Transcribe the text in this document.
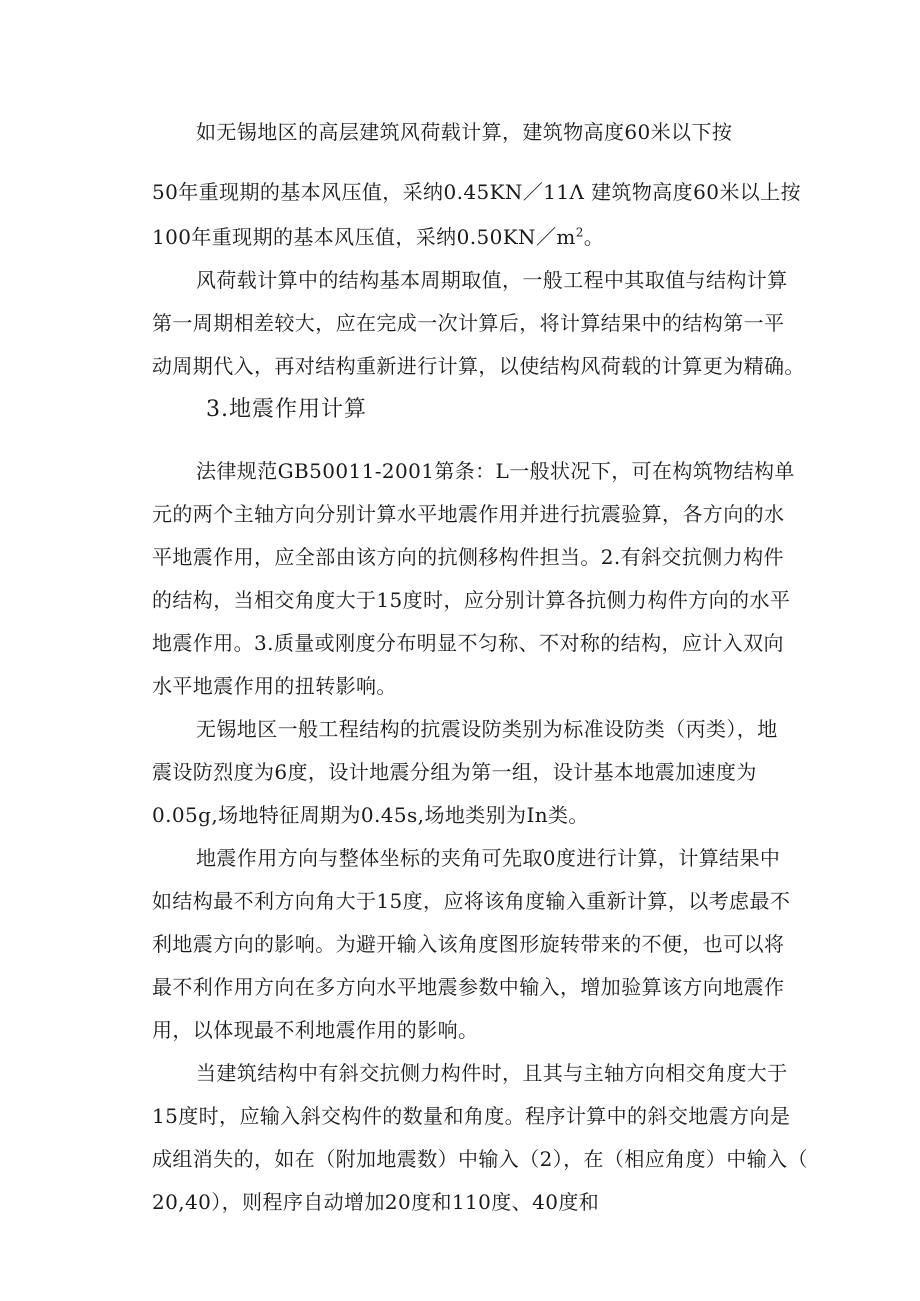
如无锡地区的高层建筑风荷载计算，建筑物高度60米以下按
50年重现期的基本风压值，采纳0.45KN／11Λ 建筑物高度60米以上按
100年重现期的基本风压值，采纳$0.50KN/m^2$。
风荷载计算中的结构基本周期取值，一般工程中其取值与结构计算
第一周期相差较大，应在完成一次计算后，将计算结果中的结构第一平
动周期代入，再对结构重新进行计算，以使结构风荷载的计算更为精确。
3.地震作用计算
法律规范GB50011-2001第条：L一般状况下，可在构筑物结构单
元的两个主轴方向分别计算水平地震作用并进行抗震验算，各方向的水
平地震作用，应全部由该方向的抗侧移构件担当。2.有斜交抗侧力构件
的结构，当相交角度大于15度时，应分别计算各抗侧力构件方向的水平
地震作用。3.质量或刚度分布明显不匀称、不对称的结构，应计入双向
水平地震作用的扭转影响。
无锡地区一般工程结构的抗震设防类别为标准设防类（丙类），地
震设防烈度为6度，设计地震分组为第一组，设计基本地震加速度为
0.05g,场地特征周期为0.45s,场地类别为In类。
地震作用方向与整体坐标的夹角可先取0度进行计算，计算结果中
如结构最不利方向角大于15度，应将该角度输入重新计算，以考虑最不
利地震方向的影响。为避开输入该角度图形旋转带来的不便，也可以将
最不利作用方向在多方向水平地震参数中输入，增加验算该方向地震作
用，以体现最不利地震作用的影响。
当建筑结构中有斜交抗侧力构件时，且其与主轴方向相交角度大于
15度时，应输入斜交构件的数量和角度。程序计算中的斜交地震方向是
成组消失的，如在（附加地震数）中输入（2），在（相应角度）中输入（
20,40），则程序自动增加20度和110度、40度和
